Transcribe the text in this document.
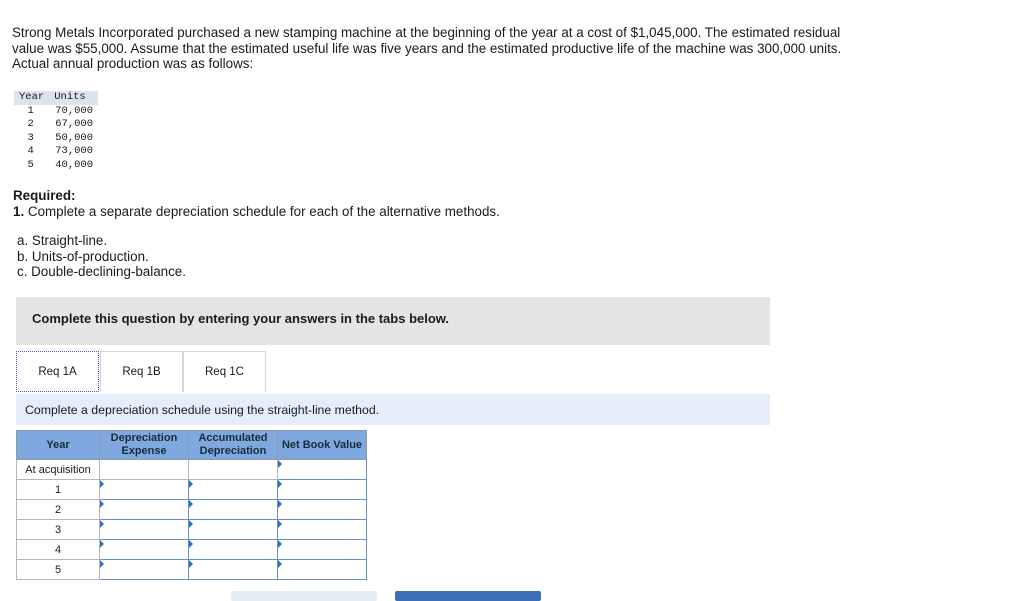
Strong Metals Incorporated purchased a new stamping machine at the beginning of the year at a cost of $1,045,000. The estimated residual value was $55,000. Assume that the estimated useful life was five years and the estimated productive life of the machine was 300,000 units. Actual annual production was as follows:
Year	Units
1	70,000
2	67,000
3	50,000
4	73,000
5	40,000
Required:
1. Complete a separate depreciation schedule for each of the alternative methods.
a. Straight-line.
b. Units-of-production.
c. Double-declining-balance.
Complete this question by entering your answers in the tabs below.
Req 1A	Req 1B	Req 1C
Complete a depreciation schedule using the straight-line method.
Year	Depreciation Expense	Accumulated Depreciation	Net Book Value
At acquisition			
1			
2			
3			
4			
5			
